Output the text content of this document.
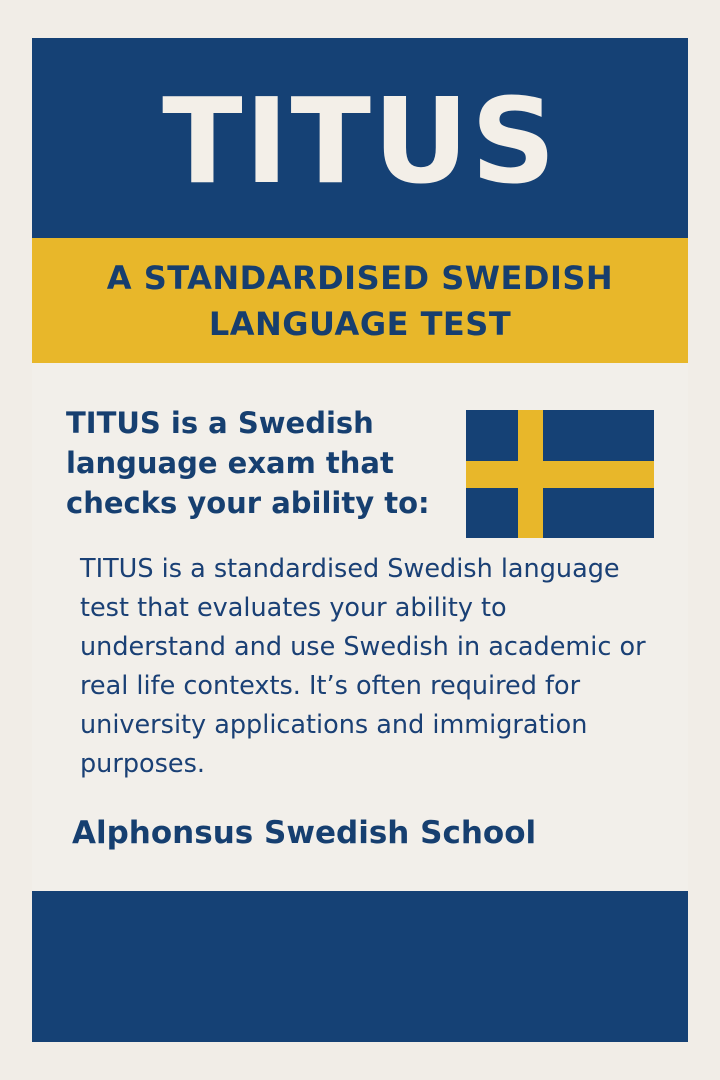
TITUS
A STANDARDISED SWEDISH LANGUAGE TEST

TITUS is a Swedish language exam that checks your ability to:

TITUS is a standardised Swedish language test that evaluates your ability to understand and use Swedish in academic or real life contexts. It’s often required for university applications and immigration purposes.

Alphonsus Swedish School
